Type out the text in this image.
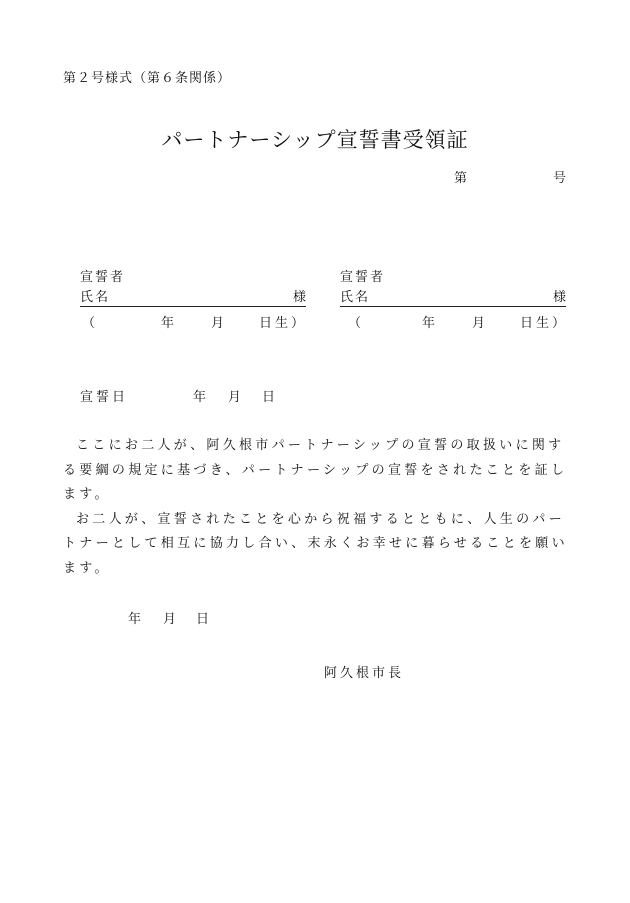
第２号様式（第６条関係）
パートナーシップ宣誓書受領証
第	号
宣誓者
氏名	様
（	年	月	日生）
宣誓者
氏名	様
（	年	月	日生）
宣誓日	年 月 日

ここにお二人が、阿久根市パートナーシップの宣誓の取扱いに関する要綱の規定に基づき、パートナーシップの宣誓をされたことを証します。

お二人が、宣誓されたことを心から祝福するとともに、人生のパートナーとして相互に協力し合い、末永くお幸せに暮らせることを願います。

年 月 日
阿久根市長
